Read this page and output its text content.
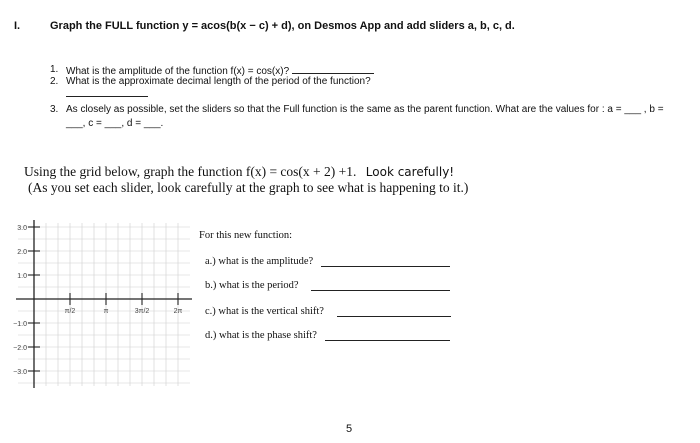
I.	Graph the FULL function y = acos(b(x − c) + d), on Desmos App and add sliders a, b, c, d.
1. What is the amplitude of the function f(x) = cos(x)?
2. What is the approximate decimal length of the period of the function?
3. As closely as possible, set the sliders so that the Full function is the same as the parent function. What are the values for : a = ___ , b =
___, c = ___, d = ___.
Using the grid below, graph the function f(x) = cos(x + 2) +1. Look carefully!
(As you set each slider, look carefully at the graph to see what is happening to it.)
3.0
2.0
1.0
−1.0
−2.0
−3.0
π/2	π	3π/2	2π
For this new function:
a.) what is the amplitude?
b.) what is the period?
c.) what is the vertical shift?
d.) what is the phase shift?
5
